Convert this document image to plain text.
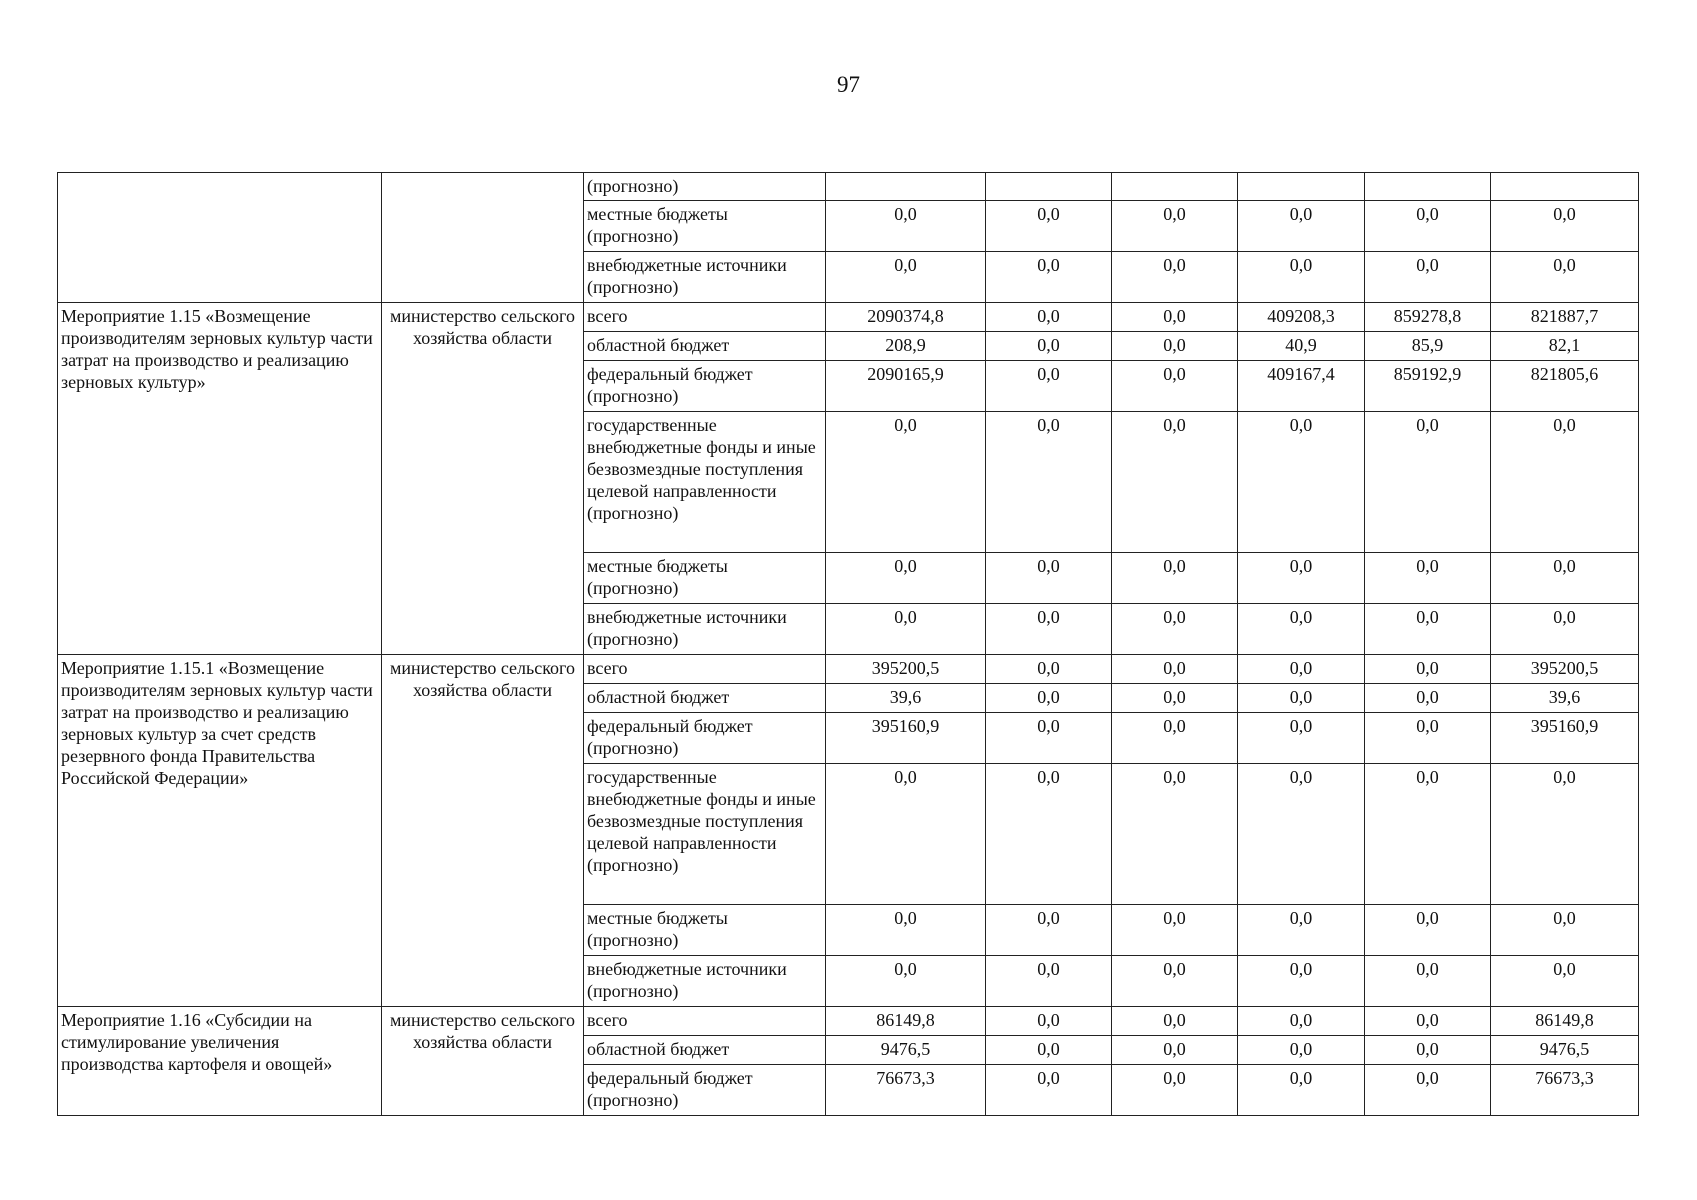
97
		(прогнозно)						
		местные бюджеты (прогнозно)	0,0	0,0	0,0	0,0	0,0	0,0
		внебюджетные источники (прогнозно)	0,0	0,0	0,0	0,0	0,0	0,0
Мероприятие 1.15 «Возмещение производителям зерновых культур части затрат на производство и реализацию зерновых культур»	министерство сельского хозяйства области	всего	2090374,8	0,0	0,0	409208,3	859278,8	821887,7
		областной бюджет	208,9	0,0	0,0	40,9	85,9	82,1
		федеральный бюджет (прогнозно)	2090165,9	0,0	0,0	409167,4	859192,9	821805,6
		государственные внебюджетные фонды и иные безвозмездные поступления целевой направленности (прогнозно)	0,0	0,0	0,0	0,0	0,0	0,0
		местные бюджеты (прогнозно)	0,0	0,0	0,0	0,0	0,0	0,0
		внебюджетные источники (прогнозно)	0,0	0,0	0,0	0,0	0,0	0,0
Мероприятие 1.15.1 «Возмещение производителям зерновых культур части затрат на производство и реализацию зерновых культур за счет средств резервного фонда Правительства Российской Федерации»	министерство сельского хозяйства области	всего	395200,5	0,0	0,0	0,0	0,0	395200,5
		областной бюджет	39,6	0,0	0,0	0,0	0,0	39,6
		федеральный бюджет (прогнозно)	395160,9	0,0	0,0	0,0	0,0	395160,9
		государственные внебюджетные фонды и иные безвозмездные поступления целевой направленности (прогнозно)	0,0	0,0	0,0	0,0	0,0	0,0
		местные бюджеты (прогнозно)	0,0	0,0	0,0	0,0	0,0	0,0
		внебюджетные источники (прогнозно)	0,0	0,0	0,0	0,0	0,0	0,0
Мероприятие 1.16 «Субсидии на стимулирование увеличения производства картофеля и овощей»	министерство сельского хозяйства области	всего	86149,8	0,0	0,0	0,0	0,0	86149,8
		областной бюджет	9476,5	0,0	0,0	0,0	0,0	9476,5
		федеральный бюджет (прогнозно)	76673,3	0,0	0,0	0,0	0,0	76673,3
